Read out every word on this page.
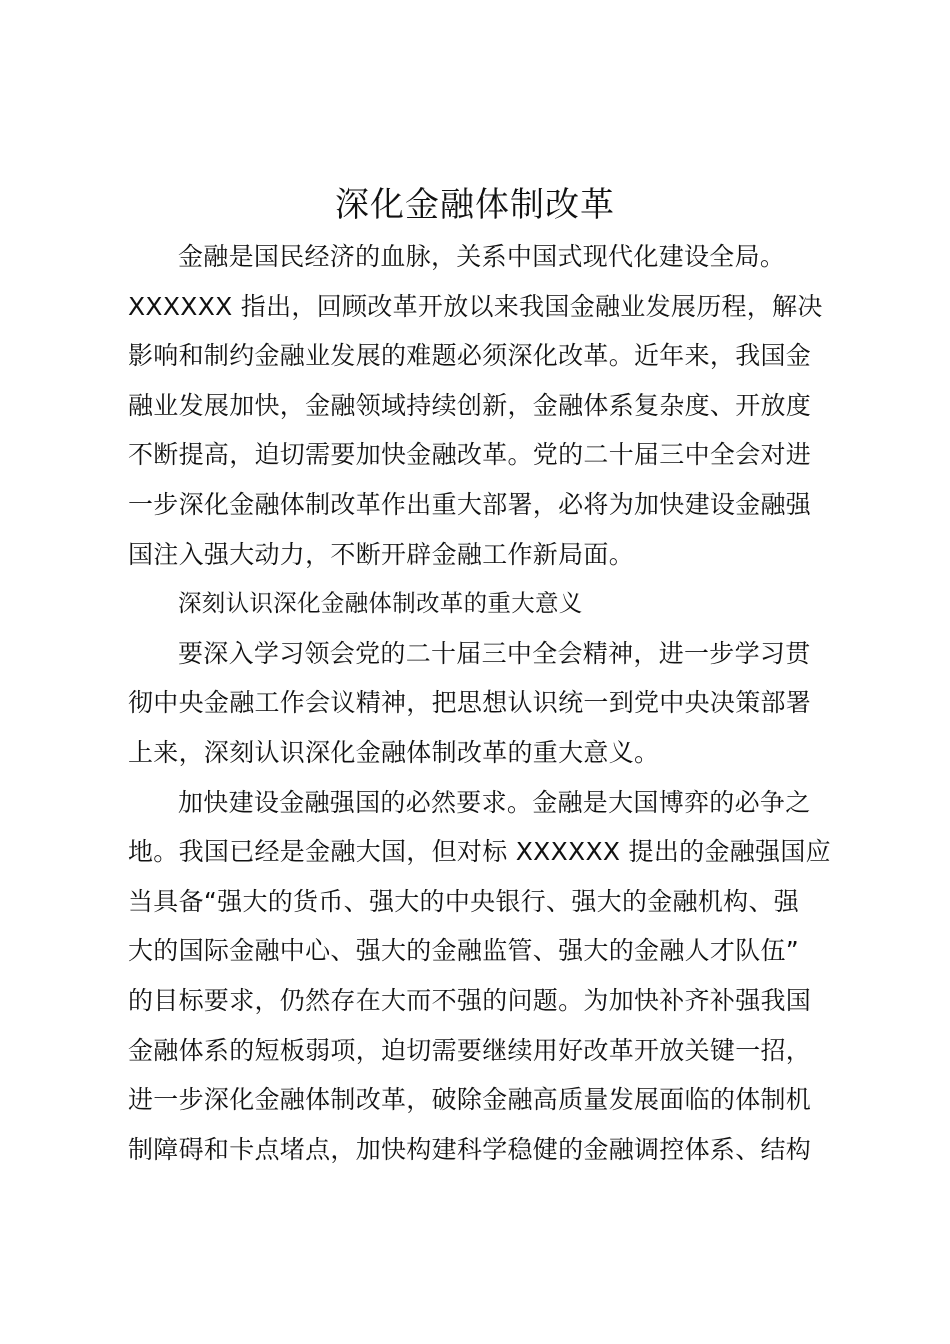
深化金融体制改革
金融是国民经济的血脉，关系中国式现代化建设全局。
XXXXXX 指出，回顾改革开放以来我国金融业发展历程，解决
影响和制约金融业发展的难题必须深化改革。近年来，我国金
融业发展加快，金融领域持续创新，金融体系复杂度、开放度
不断提高，迫切需要加快金融改革。党的二十届三中全会对进
一步深化金融体制改革作出重大部署，必将为加快建设金融强
国注入强大动力，不断开辟金融工作新局面。
深刻认识深化金融体制改革的重大意义
要深入学习领会党的二十届三中全会精神，进一步学习贯
彻中央金融工作会议精神，把思想认识统一到党中央决策部署
上来，深刻认识深化金融体制改革的重大意义。
加快建设金融强国的必然要求。金融是大国博弈的必争之
地。我国已经是金融大国，但对标 XXXXXX 提出的金融强国应
当具备“强大的货币、强大的中央银行、强大的金融机构、强
大的国际金融中心、强大的金融监管、强大的金融人才队伍”
的目标要求，仍然存在大而不强的问题。为加快补齐补强我国
金融体系的短板弱项，迫切需要继续用好改革开放关键一招，
进一步深化金融体制改革，破除金融高质量发展面临的体制机
制障碍和卡点堵点，加快构建科学稳健的金融调控体系、结构
